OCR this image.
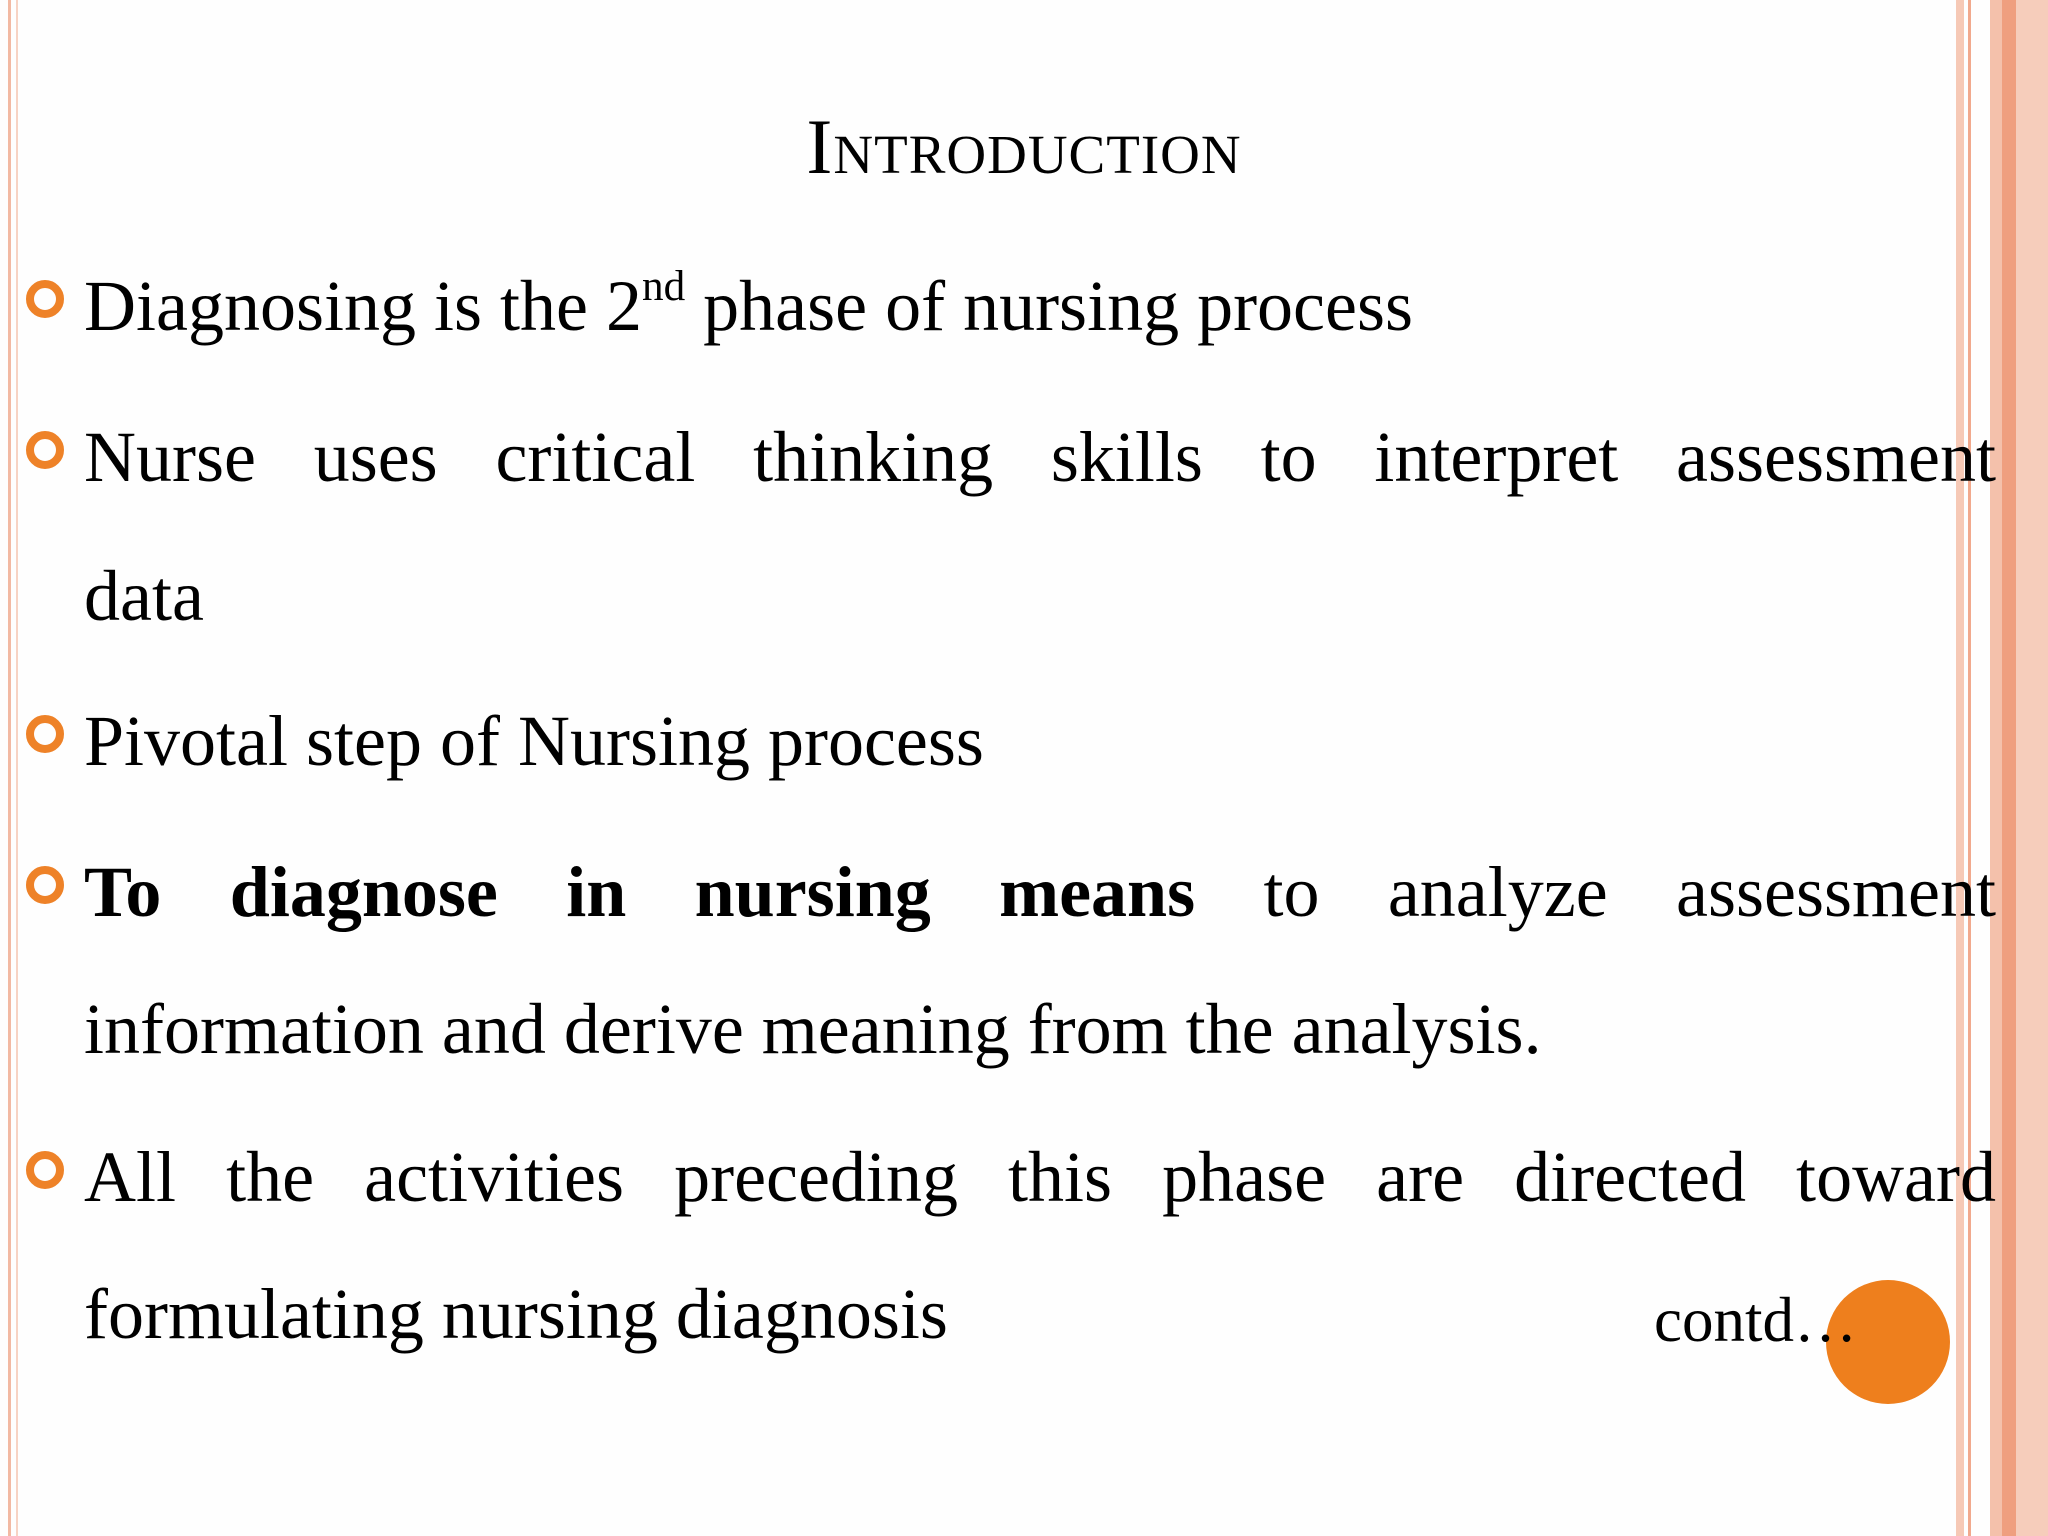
Introduction
Diagnosing is the 2nd phase of nursing process
Nurse uses critical thinking skills to interpret assessment
data
Pivotal step of Nursing process
To diagnose in nursing means to analyze assessment
information and derive meaning from the analysis.
All the activities preceding this phase are directed toward
formulating nursing diagnosis	contd…
